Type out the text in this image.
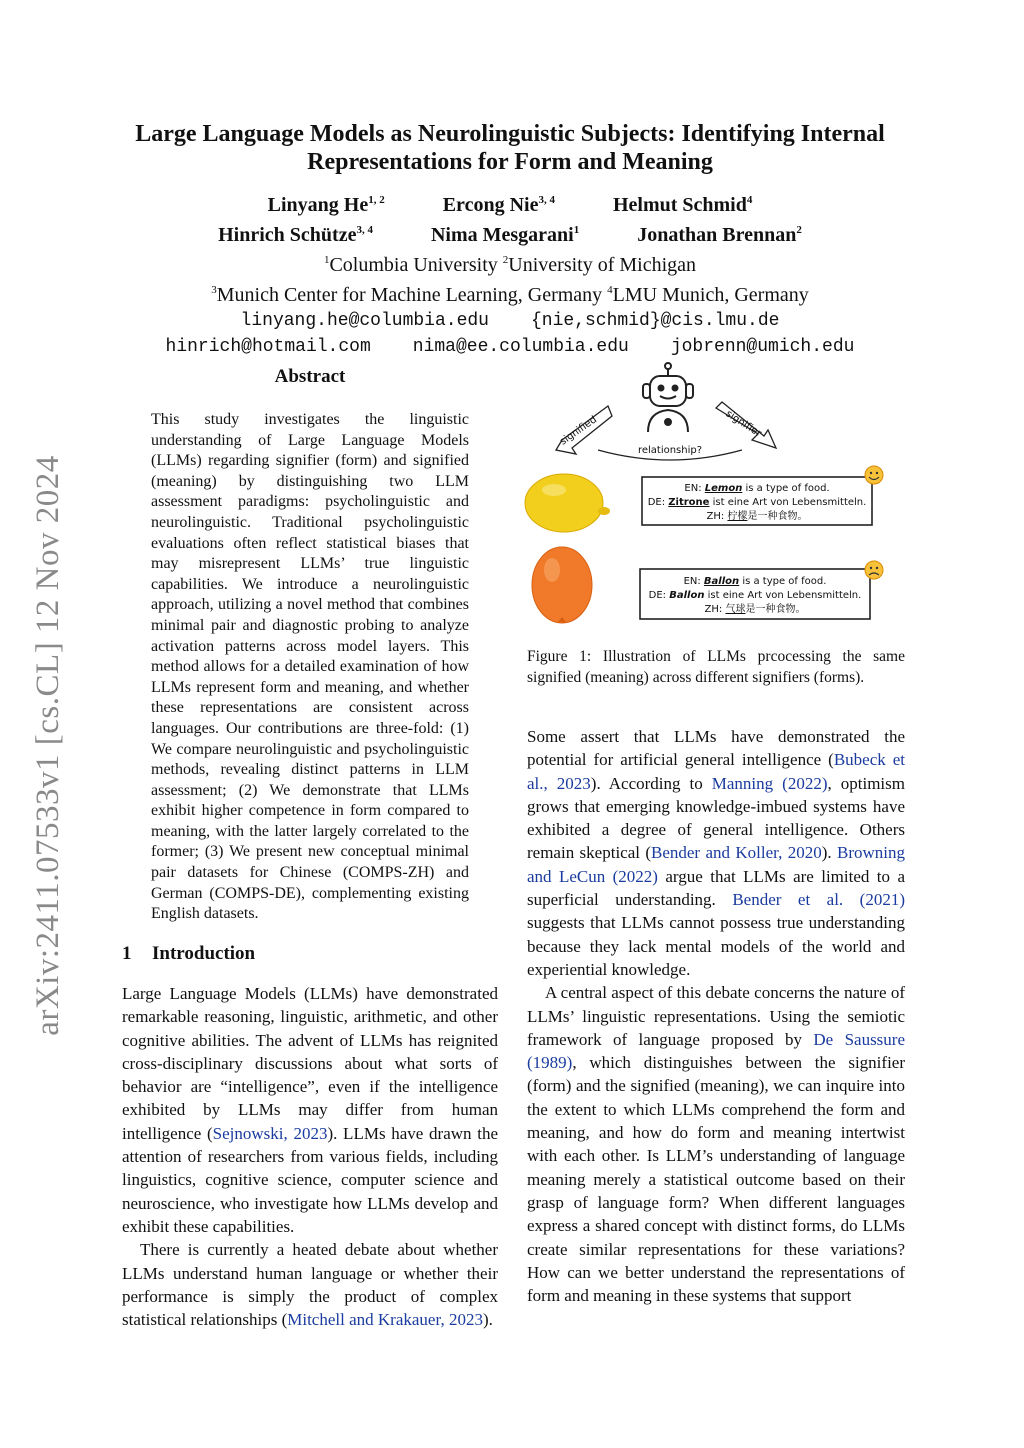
arXiv:2411.07533v1 [cs.CL] 12 Nov 2024
Large Language Models as Neurolinguistic Subjects: Identifying Internal
Representations for Form and Meaning
Linyang He$^{1, 2}$	Ercong Nie$^{3, 4}$	Helmut Schmid$^4$
Hinrich Schütze$^{3, 4}$	Nima Mesgarani$^1$	Jonathan Brennan$^2$
$^1$Columbia University $^2$University of Michigan
$^3$Munich Center for Machine Learning, Germany $^4$LMU Munich, Germany
linyang.he@columbia.edu {nie,schmid}@cis.lmu.de
hinrich@hotmail.com nima@ee.columbia.edu jobrenn@umich.edu
Abstract
This study investigates the linguistic understanding of Large Language Models (LLMs) regarding signifier (form) and signified (meaning) by distinguishing two LLM assessment paradigms: psycholinguistic and neurolinguistic. Traditional psycholinguistic evaluations often reflect statistical biases that may misrepresent LLMs’ true linguistic capabilities. We introduce a neurolinguistic approach, utilizing a novel method that combines minimal pair and diagnostic probing to analyze activation patterns across model layers. This method allows for a detailed examination of how LLMs represent form and meaning, and whether these representations are consistent across languages. Our contributions are three-fold: (1) We compare neurolinguistic and psycholinguistic methods, revealing distinct patterns in LLM assessment; (2) We demonstrate that LLMs exhibit higher competence in form compared to meaning, with the latter largely correlated to the former; (3) We present new conceptual minimal pair datasets for Chinese (COMPS-ZH) and German (COMPS-DE), complementing existing English datasets.
1 Introduction

Large Language Models (LLMs) have demonstrated remarkable reasoning, linguistic, arithmetic, and other cognitive abilities. The advent of LLMs has reignited cross-disciplinary discussions about what sorts of behavior are “intelligence”, even if the intelligence exhibited by LLMs may differ from human intelligence (Sejnowski, 2023). LLMs have drawn the attention of researchers from various fields, including linguistics, cognitive science, computer science and neuroscience, who investigate how LLMs develop and exhibit these capabilities.

There is currently a heated debate about whether LLMs understand human language or whether their performance is simply the product of complex statistical relationships (Mitchell and Krakauer, 2023).

signified	signifier
relationship?
EN: Lemon is a type of food.
DE: Zitrone ist eine Art von Lebensmitteln.
ZH: 柠檬是一种食物。
EN: Ballon is a type of food.
DE: Ballon ist eine Art von Lebensmitteln.
ZH: 气球是一种食物。
Figure 1: Illustration of LLMs prcocessing the same signified (meaning) across different signifiers (forms).

Some assert that LLMs have demonstrated the potential for artificial general intelligence (Bubeck et al., 2023). According to Manning (2022), optimism grows that emerging knowledge-imbued systems have exhibited a degree of general intelligence. Others remain skeptical (Bender and Koller, 2020). Browning and LeCun (2022) argue that LLMs are limited to a superficial understanding. Bender et al. (2021) suggests that LLMs cannot possess true understanding because they lack mental models of the world and experiential knowledge.

A central aspect of this debate concerns the nature of LLMs’ linguistic representations. Using the semiotic framework of language proposed by De Saussure (1989), which distinguishes between the signifier (form) and the signified (meaning), we can inquire into the extent to which LLMs comprehend the form and meaning, and how do form and meaning intertwist with each other. Is LLM’s understanding of language meaning merely a statistical outcome based on their grasp of language form? When different languages express a shared concept with distinct forms, do LLMs create similar representations for these variations? How can we better understand the representations of form and meaning in these systems that support
